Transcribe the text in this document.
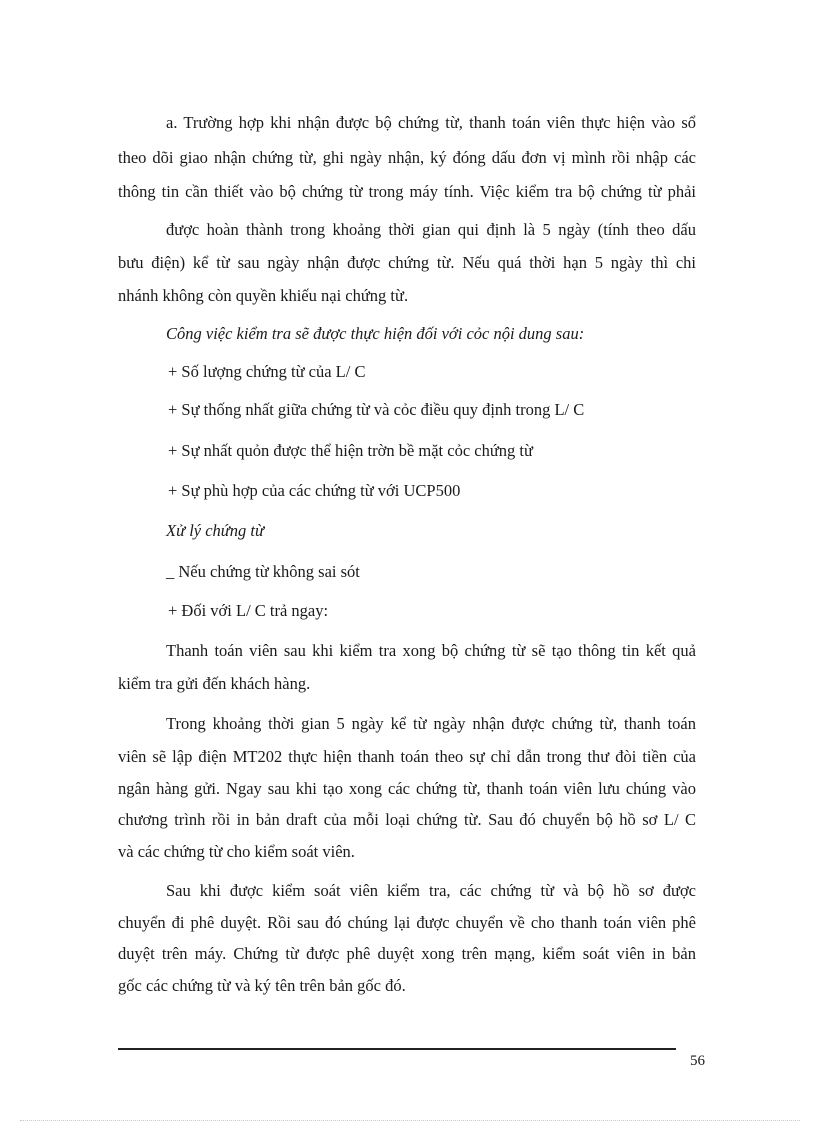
a. Trường hợp khi nhận được bộ chứng từ, thanh toán viên thực hiện vào sổ
theo dõi giao nhận chứng từ, ghi ngày nhận, ký đóng dấu đơn vị mình rồi nhập các
thông tin cần thiết vào bộ chứng từ trong máy tính. Việc kiểm tra bộ chứng từ phải
được hoàn thành trong khoảng thời gian qui định là 5 ngày (tính theo dấu
bưu điện) kể từ sau ngày nhận được chứng từ. Nếu quá thời hạn 5 ngày thì chi
nhánh không còn quyền khiếu nại chứng từ.
Công việc kiểm tra sẽ được thực hiện đối với cỏc nội dung sau:
+ Số lượng chứng từ của L/ C
+ Sự thống nhất giữa chứng từ và cỏc điều quy định trong L/ C
+ Sự nhất quỏn được thể hiện trờn bề mặt cỏc chứng từ
+ Sự phù hợp của các chứng từ với UCP500
Xử lý chứng từ
_ Nếu chứng từ không sai sót
+ Đối với L/ C trả ngay:
Thanh toán viên sau khi kiểm tra xong bộ chứng từ sẽ tạo thông tin kết quả
kiểm tra gửi đến khách hàng.
Trong khoảng thời gian 5 ngày kể từ ngày nhận được chứng từ, thanh toán
viên sẽ lập điện MT202 thực hiện thanh toán theo sự chỉ dẫn trong thư đòi tiền của
ngân hàng gửi. Ngay sau khi tạo xong các chứng từ, thanh toán viên lưu chúng vào
chương trình rồi in bản draft của mỗi loại chứng từ. Sau đó chuyển bộ hồ sơ L/ C
và các chứng từ cho kiểm soát viên.
Sau khi được kiểm soát viên kiểm tra, các chứng từ và bộ hồ sơ được
chuyển đi phê duyệt. Rồi sau đó chúng lại được chuyển về cho thanh toán viên phê
duyệt trên máy. Chứng từ được phê duyệt xong trên mạng, kiểm soát viên in bản
gốc các chứng từ và ký tên trên bản gốc đó.
56
